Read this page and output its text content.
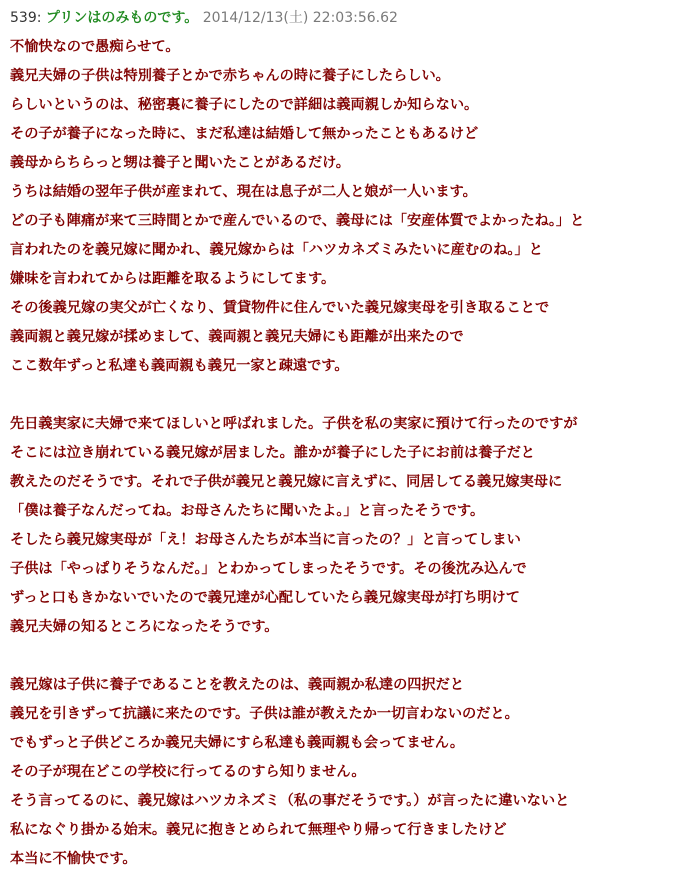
539: プリンはのみものです。 2014/12/13(土) 22:03:56.62
不愉快なので愚痴らせて。
義兄夫婦の子供は特別養子とかで赤ちゃんの時に養子にしたらしい。
らしいというのは、秘密裏に養子にしたので詳細は義両親しか知らない。
その子が養子になった時に、まだ私達は結婚して無かったこともあるけど
義母からちらっと甥は養子と聞いたことがあるだけ。
うちは結婚の翌年子供が産まれて、現在は息子が二人と娘が一人います。
どの子も陣痛が来て三時間とかで産んでいるので、義母には「安産体質でよかったね。」と
言われたのを義兄嫁に聞かれ、義兄嫁からは「ハツカネズミみたいに産むのね。」と
嫌味を言われてからは距離を取るようにしてます。
その後義兄嫁の実父が亡くなり、賃貸物件に住んでいた義兄嫁実母を引き取ることで
義両親と義兄嫁が揉めまして、義両親と義兄夫婦にも距離が出来たので
ここ数年ずっと私達も義両親も義兄一家と疎遠です。
先日義実家に夫婦で来てほしいと呼ばれました。子供を私の実家に預けて行ったのですが
そこには泣き崩れている義兄嫁が居ました。誰かが養子にした子にお前は養子だと
教えたのだそうです。それで子供が義兄と義兄嫁に言えずに、同居してる義兄嫁実母に
「僕は養子なんだってね。お母さんたちに聞いたよ。」と言ったそうです。
そしたら義兄嫁実母が「え！お母さんたちが本当に言ったの？」と言ってしまい
子供は「やっぱりそうなんだ。」とわかってしまったそうです。その後沈み込んで
ずっと口もきかないでいたので義兄達が心配していたら義兄嫁実母が打ち明けて
義兄夫婦の知るところになったそうです。
義兄嫁は子供に養子であることを教えたのは、義両親か私達の四択だと
義兄を引きずって抗議に来たのです。子供は誰が教えたか一切言わないのだと。
でもずっと子供どころか義兄夫婦にすら私達も義両親も会ってません。
その子が現在どこの学校に行ってるのすら知りません。
そう言ってるのに、義兄嫁はハツカネズミ（私の事だそうです。）が言ったに違いないと
私になぐり掛かる始末。義兄に抱きとめられて無理やり帰って行きましたけど
本当に不愉快です。
